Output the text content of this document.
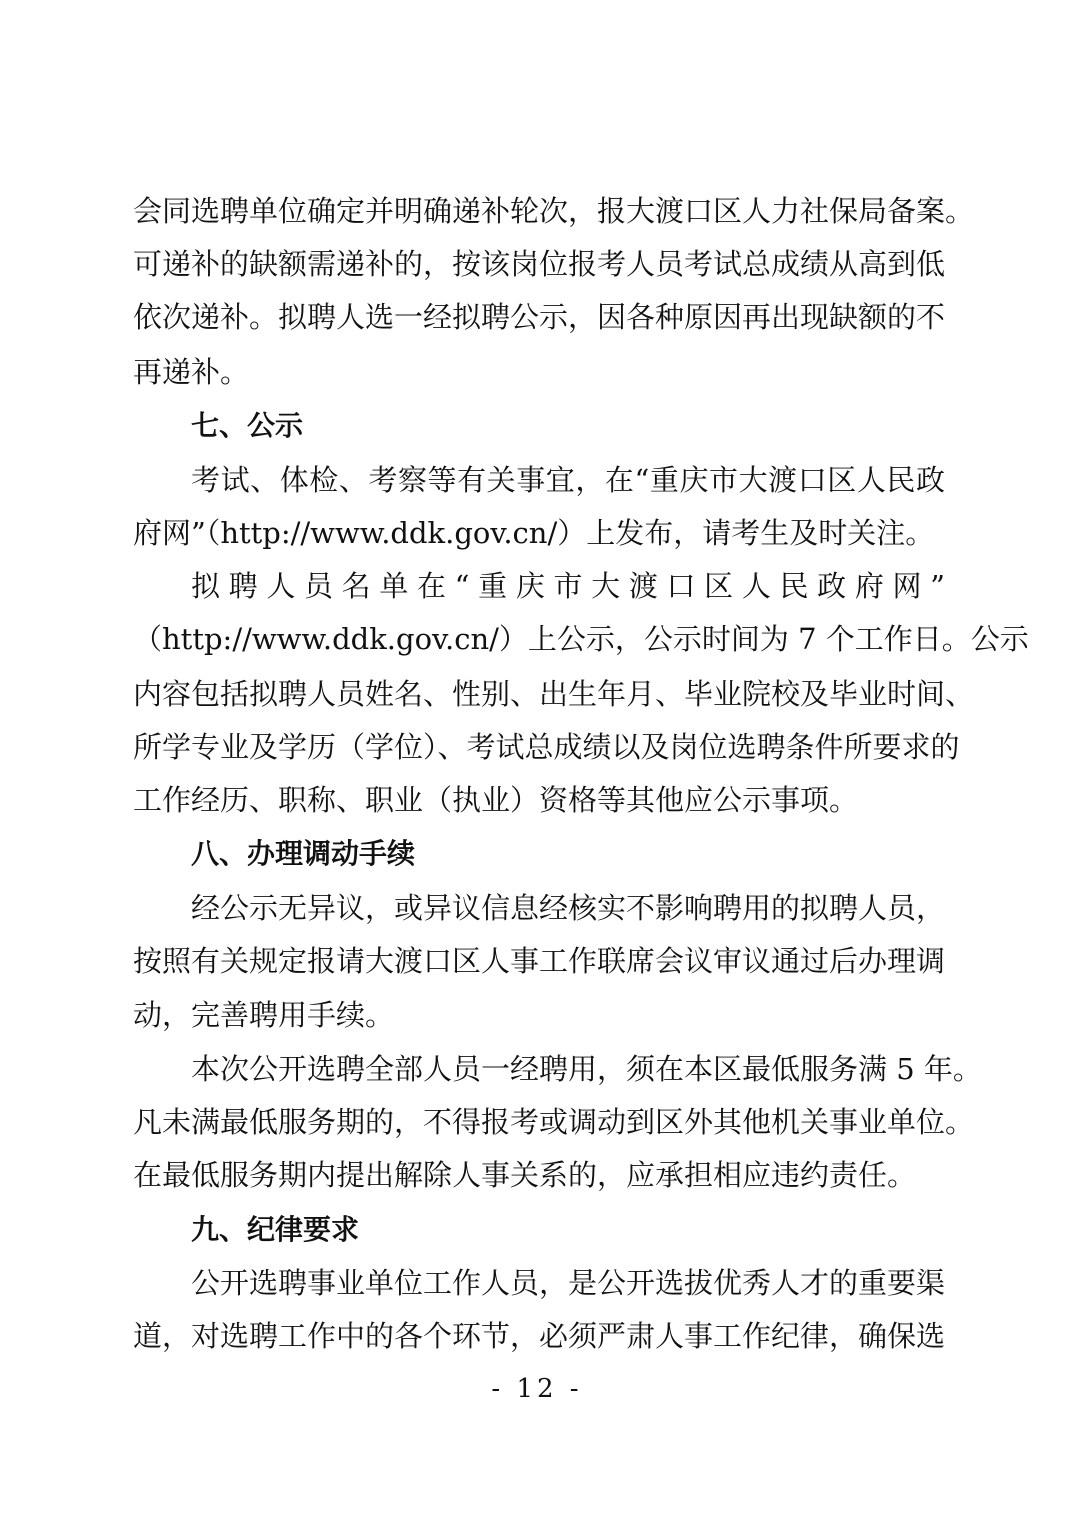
会同选聘单位确定并明确递补轮次，报大渡口区人力社保局备案。
可递补的缺额需递补的，按该岗位报考人员考试总成绩从高到低
依次递补。拟聘人选一经拟聘公示，因各种原因再出现缺额的不
再递补。
七、公示
考试、体检、考察等有关事宜，在“重庆市大渡口区人民政
府网”（http://www.ddk.gov.cn/）上发布，请考生及时关注。
拟聘人员名单在“重庆市大渡口区人民政府网”
（http://www.ddk.gov.cn/）上公示，公示时间为 7 个工作日。公示
内容包括拟聘人员姓名、性别、出生年月、毕业院校及毕业时间、
所学专业及学历（学位）、考试总成绩以及岗位选聘条件所要求的
工作经历、职称、职业（执业）资格等其他应公示事项。
八、办理调动手续
经公示无异议，或异议信息经核实不影响聘用的拟聘人员，
按照有关规定报请大渡口区人事工作联席会议审议通过后办理调
动，完善聘用手续。
本次公开选聘全部人员一经聘用，须在本区最低服务满 5 年。
凡未满最低服务期的，不得报考或调动到区外其他机关事业单位。
在最低服务期内提出解除人事关系的，应承担相应违约责任。
九、纪律要求
公开选聘事业单位工作人员，是公开选拔优秀人才的重要渠
道，对选聘工作中的各个环节，必须严肃人事工作纪律，确保选
- 12 -
